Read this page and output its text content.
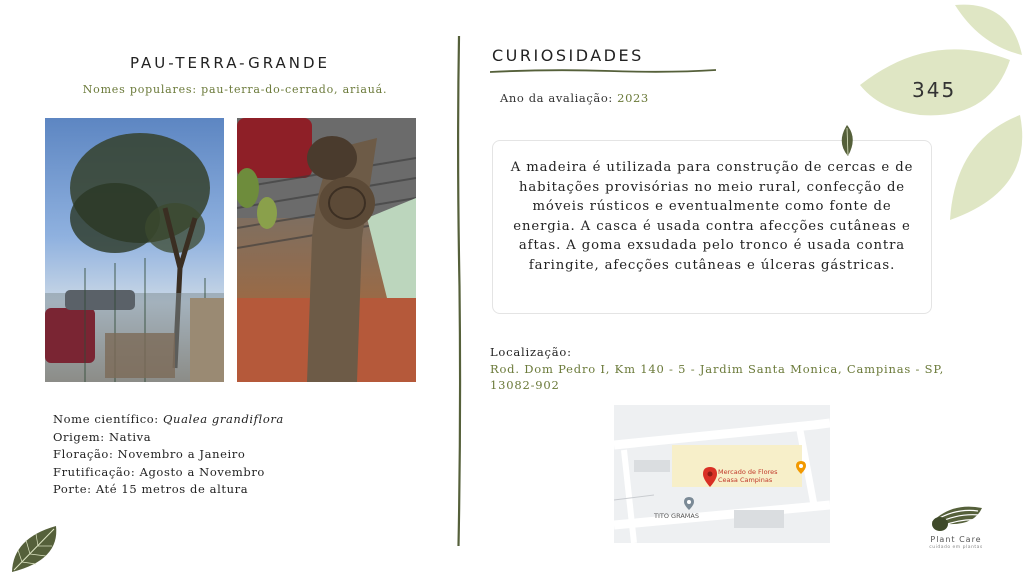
PAU-TERRA-GRANDE
Nomes populares: pau-terra-do-cerrado, ariauá.
Nome científico: Qualea grandiflora
Origem: Nativa
Floração: Novembro a Janeiro
Frutificação: Agosto a Novembro
Porte: Até 15 metros de altura
CURIOSIDADES
Ano da avaliação: 2023	345
A madeira é utilizada para construção de cercas e de habitações provisórias no meio rural, confecção de móveis rústicos e eventualmente como fonte de energia. A casca é usada contra afecções cutâneas e aftas. A goma exsudada pelo tronco é usada contra faringite, afecções cutâneas e úlceras gástricas.
Localização:
Rod. Dom Pedro I, Km 140 - 5 - Jardim Santa Monica, Campinas - SP, 13082-902
Mercado de Flores
Ceasa Campinas
TITO GRAMAS
Plant Care
cuidado em plantas
